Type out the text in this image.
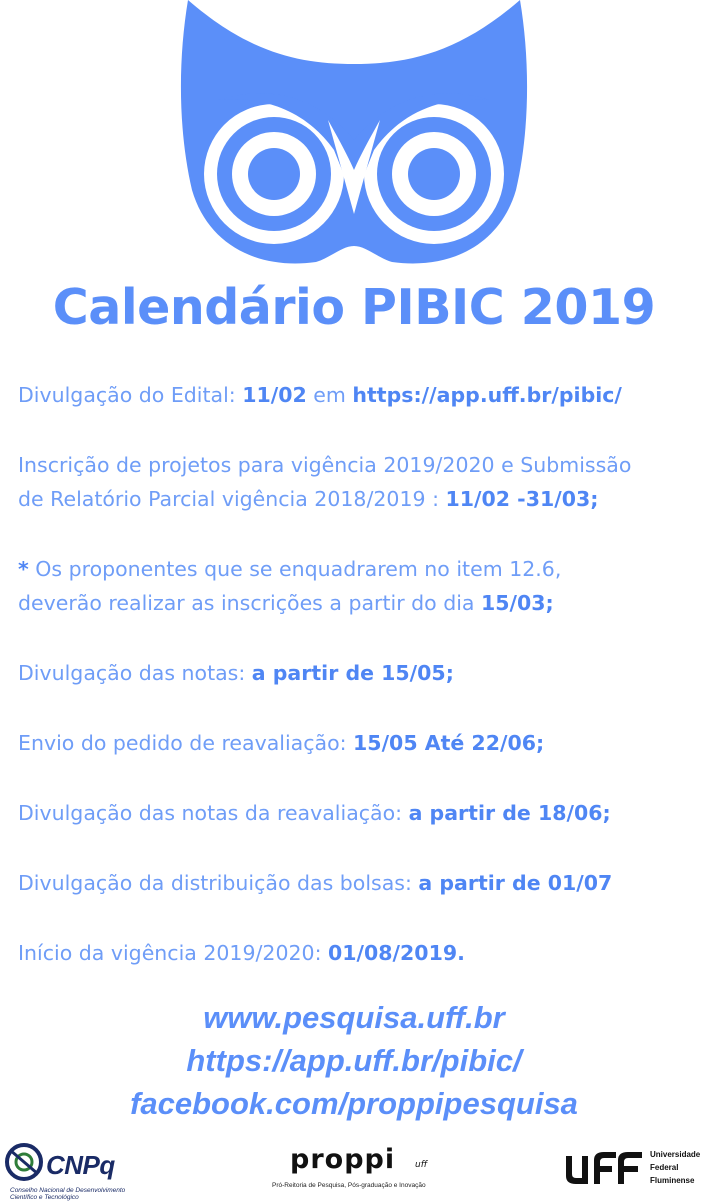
Calendário PIBIC 2019

Divulgação do Edital: 11/02 em https://app.uff.br/pibic/

Inscrição de projetos para vigência 2019/2020 e Submissão

de Relatório Parcial vigência 2018/2019 : 11/02 -31/03;

* Os proponentes que se enquadrarem no item 12.6,

deverão realizar as inscrições a partir do dia 15/03;

Divulgação das notas: a partir de 15/05;

Envio do pedido de reavaliação: 15/05 Até 22/06;

Divulgação das notas da reavaliação: a partir de 18/06;

Divulgação da distribuição das bolsas: a partir de 01/07

Início da vigência 2019/2020: 01/08/2019.

www.pesquisa.uff.br
https://app.uff.br/pibic/
facebook.com/proppipesquisa
CNPq
Conselho Nacional de Desenvolvimento
Científico e Tecnológico
proppi uff
Pró-Reitoria de Pesquisa, Pós-graduação e Inovação
Universidade
Federal
Fluminense
